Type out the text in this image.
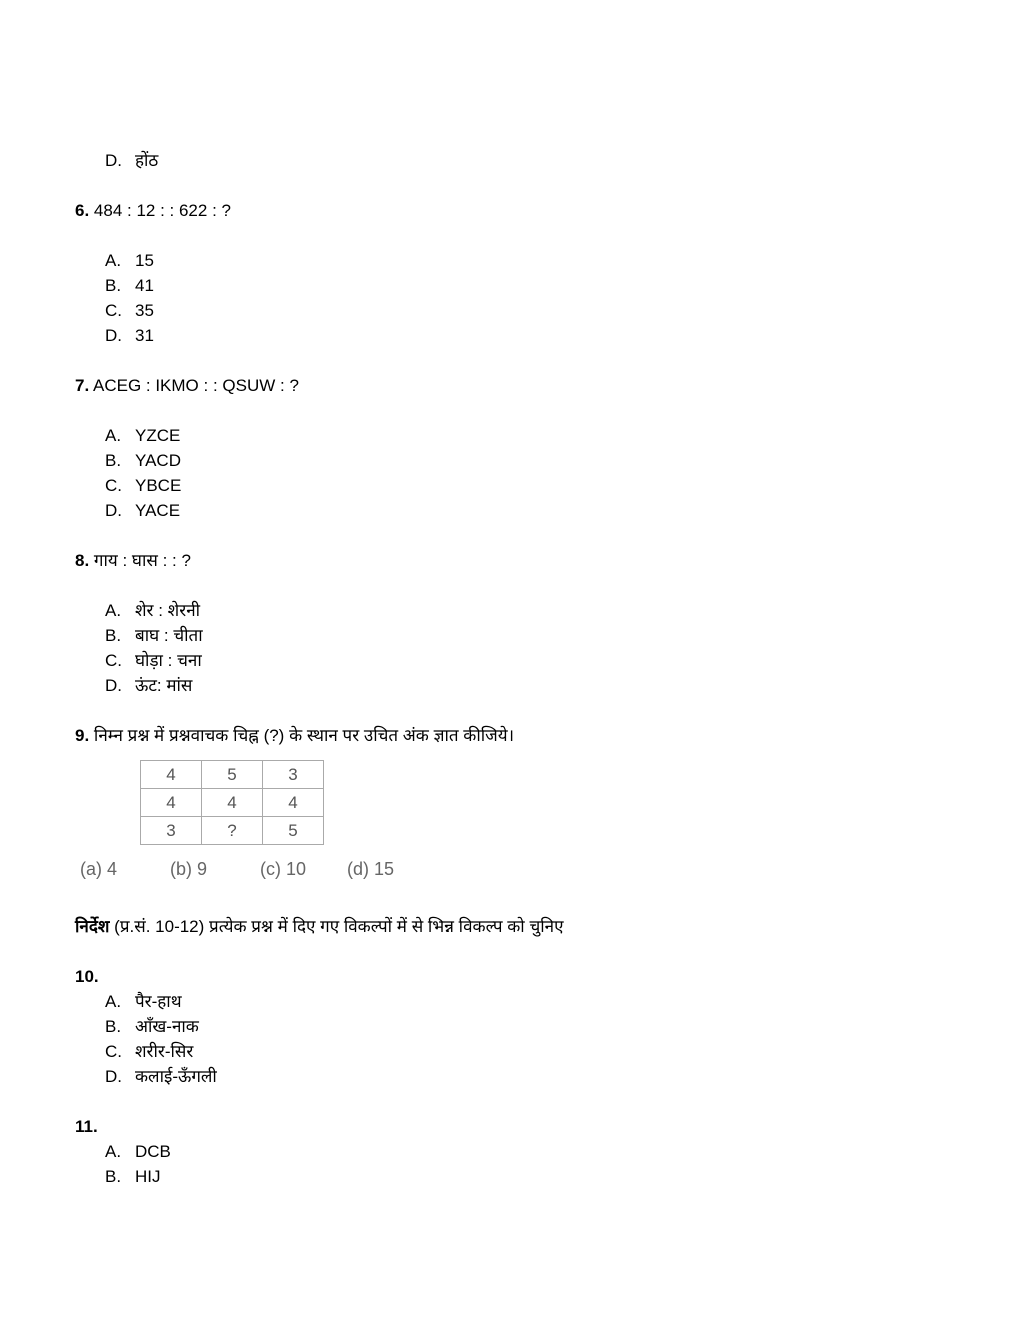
D. होंठ
6. 484 : 12 : : 622 : ?
A. 15
B. 41
C. 35
D. 31
7. ACEG : IKMO : : QSUW : ?
A. YZCE
B. YACD
C. YBCE
D. YACE
8. गाय : घास : : ?
A. शेर : शेरनी
B. बाघ : चीता
C. घोड़ा : चना
D. ऊंट: मांस
9. निम्न प्रश्न में प्रश्नवाचक चिह्न (?) के स्थान पर उचित अंक ज्ञात कीजिये।
4	5	3
4	4	4
3	?	5
(a) 4	(b) 9	(c) 10 (d) 15
निर्देश (प्र.सं. 10-12) प्रत्येक प्रश्न में दिए गए विकल्पों में से भिन्न विकल्प को चुनिए
10.
A. पैर-हाथ
B. आँख-नाक
C. शरीर-सिर
D. कलाई-ऊँगली
11.
A. DCB
B. HIJ
